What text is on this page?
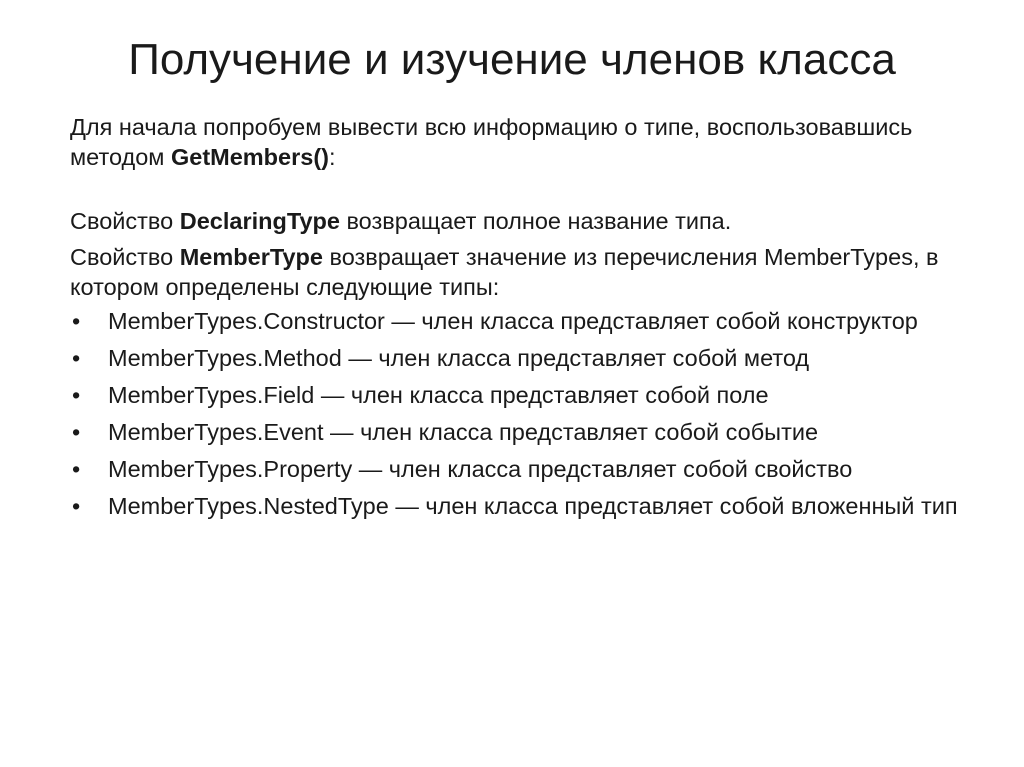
Получение и изучение членов класса

Для начала попробуем вывести всю информацию о типе, воспользовавшись методом GetMembers():

Свойство DeclaringType возвращает полное название типа.

Свойство MemberType возвращает значение из перечисления MemberTypes, в котором определены следующие типы:

• MemberTypes.Constructor — член класса представляет собой конструктор
• MemberTypes.Method — член класса представляет собой метод
• MemberTypes.Field — член класса представляет собой поле
• MemberTypes.Event — член класса представляет собой событие
• MemberTypes.Property — член класса представляет собой свойство
• MemberTypes.NestedType — член класса представляет собой вложенный тип
